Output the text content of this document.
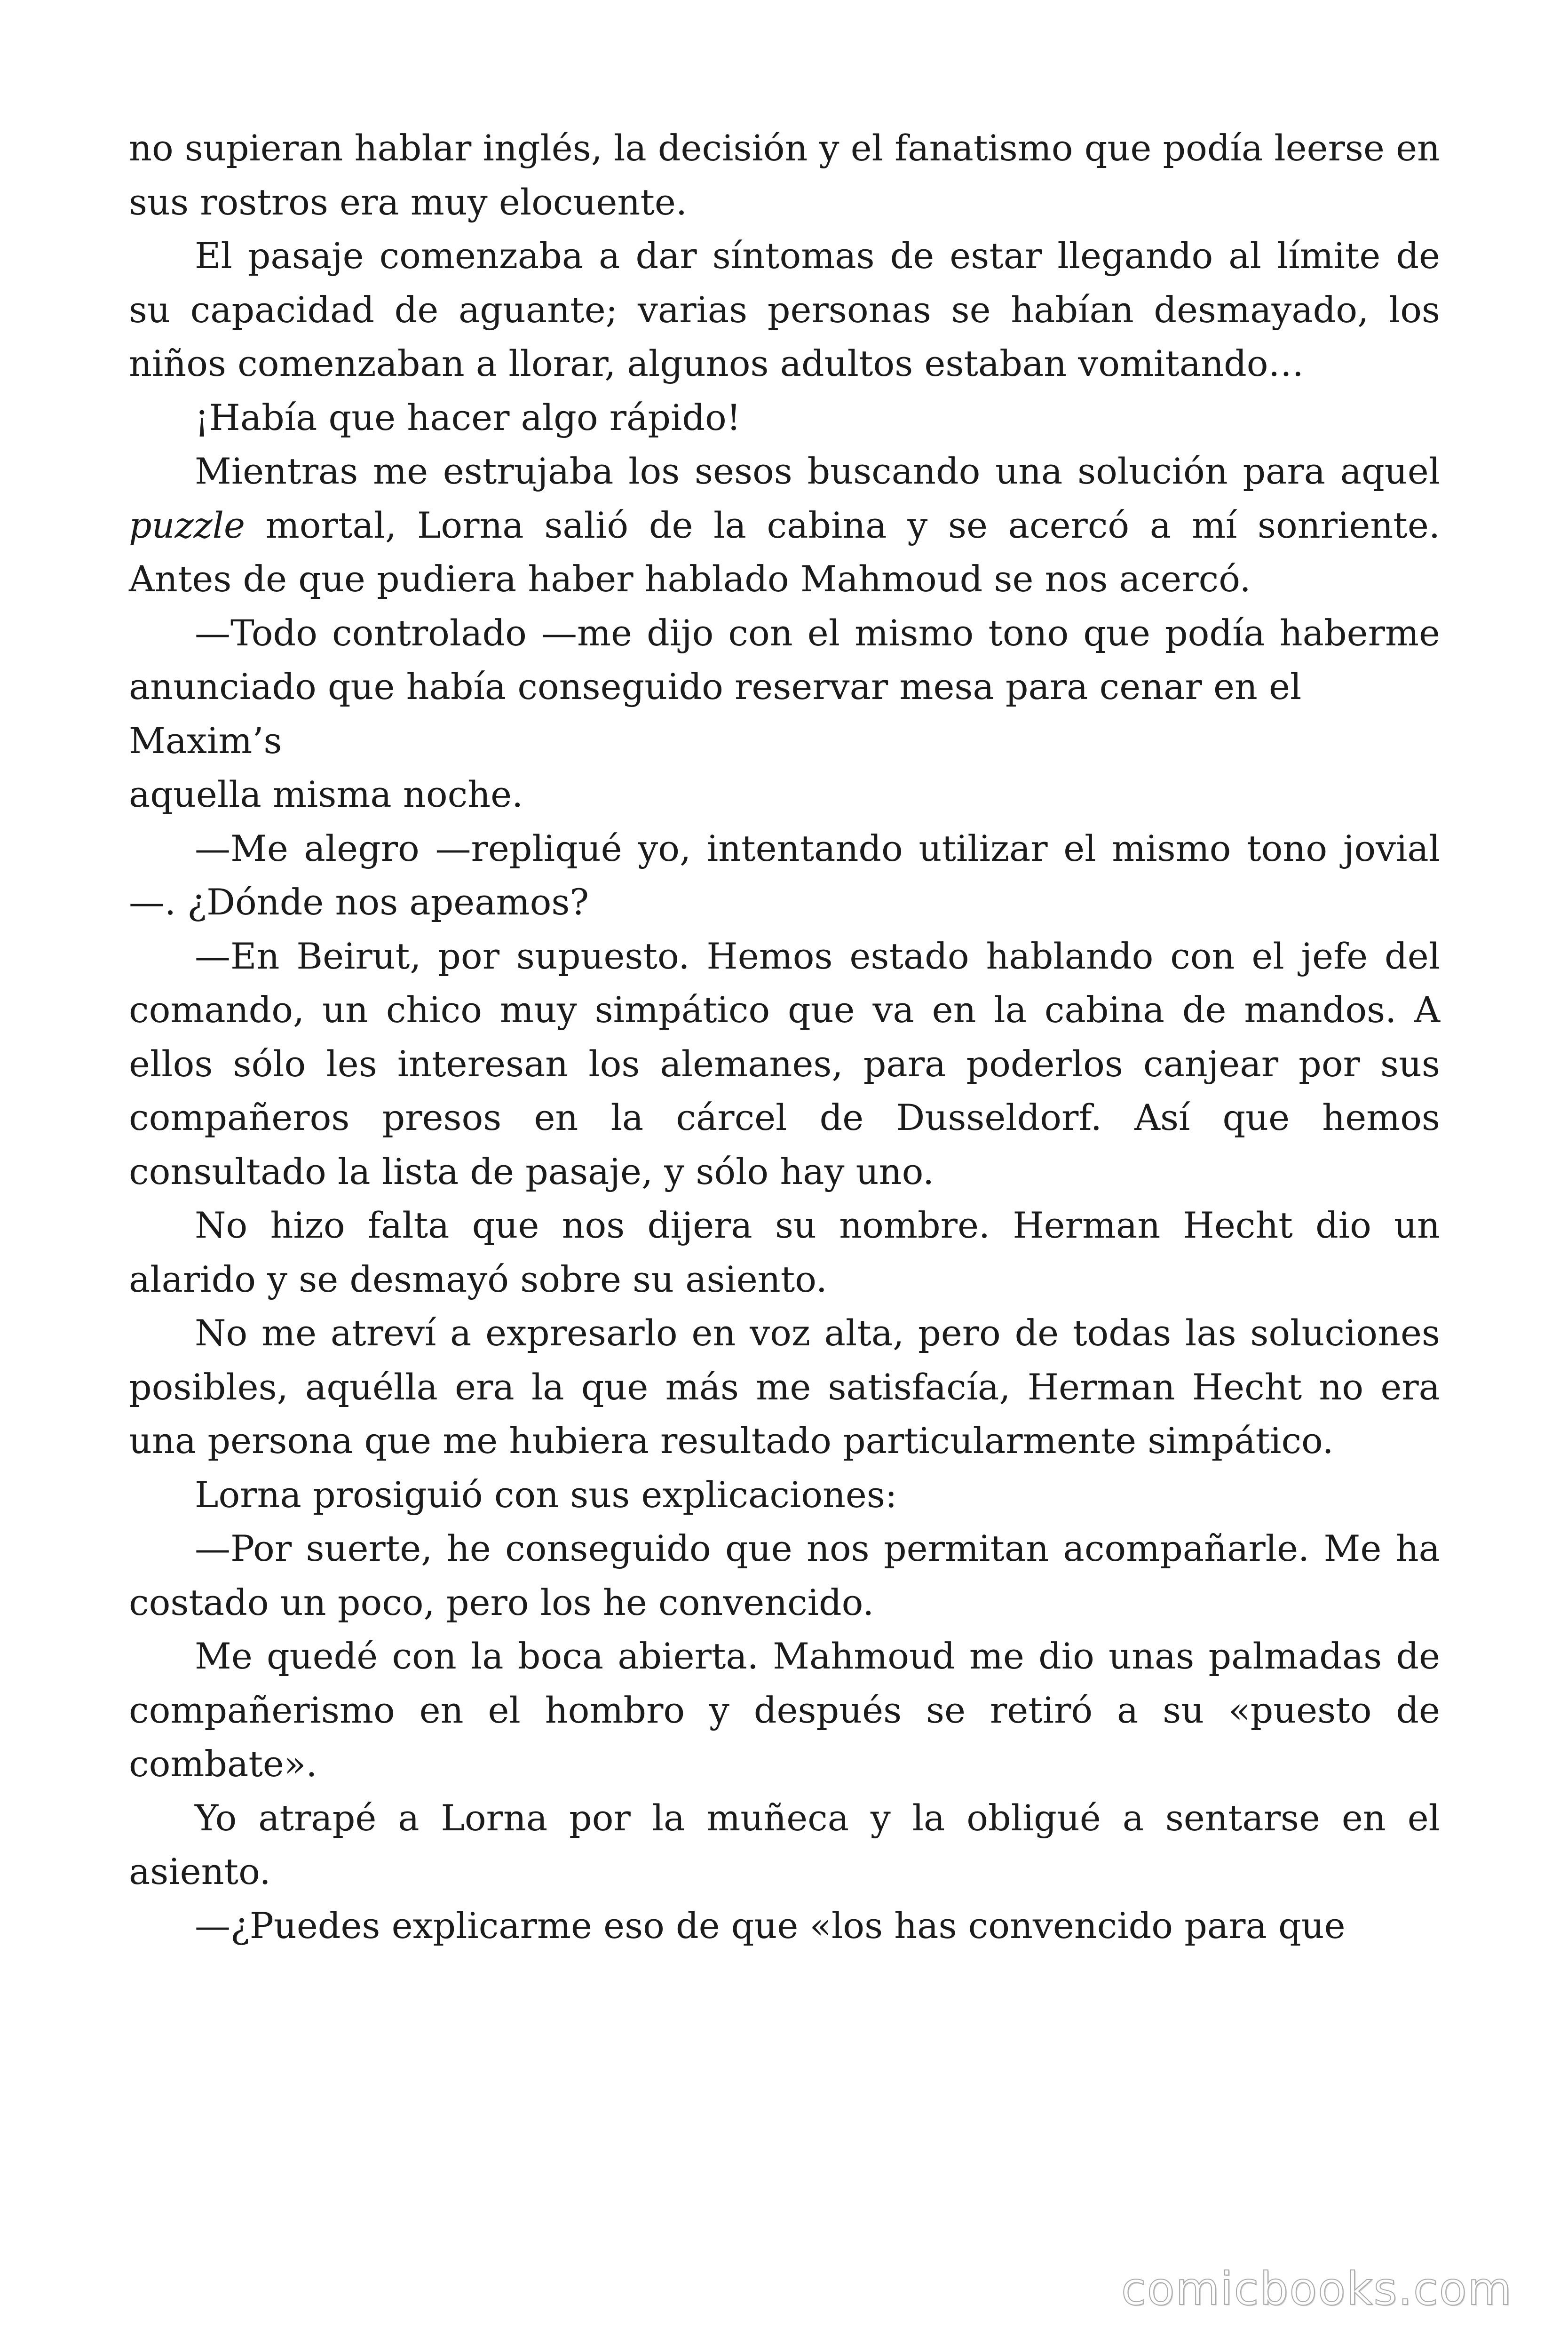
no supieran hablar inglés, la decisión y el fanatismo que podía leerse en sus rostros era muy elocuente.

El pasaje comenzaba a dar síntomas de estar llegando al límite de su capacidad de aguante; varias personas se habían desmayado, los niños comenzaban a llorar, algunos adultos estaban vomitando…

¡Había que hacer algo rápido!

Mientras me estrujaba los sesos buscando una solución para aquel puzzle mortal, Lorna salió de la cabina y se acercó a mí sonriente. Antes de que pudiera haber hablado Mahmoud se nos acercó.

—Todo controlado —me dijo con el mismo tono que podía haberme anunciado que había conseguido reservar mesa para cenar en el

Maxim’s

aquella misma noche.

—Me alegro —repliqué yo, intentando utilizar el mismo tono jovial—. ¿Dónde nos apeamos?

—En Beirut, por supuesto. Hemos estado hablando con el jefe del comando, un chico muy simpático que va en la cabina de mandos. A ellos sólo les interesan los alemanes, para poderlos canjear por sus compañeros presos en la cárcel de Dusseldorf. Así que hemos consultado la lista de pasaje, y sólo hay uno.

No hizo falta que nos dijera su nombre. Herman Hecht dio un alarido y se desmayó sobre su asiento.

No me atreví a expresarlo en voz alta, pero de todas las soluciones posibles, aquélla era la que más me satisfacía, Herman Hecht no era una persona que me hubiera resultado particularmente simpático.

Lorna prosiguió con sus explicaciones:

—Por suerte, he conseguido que nos permitan acompañarle. Me ha costado un poco, pero los he convencido.

Me quedé con la boca abierta. Mahmoud me dio unas palmadas de compañerismo en el hombro y después se retiró a su «puesto de combate».

Yo atrapé a Lorna por la muñeca y la obligué a sentarse en el asiento.

—¿Puedes explicarme eso de que «los has convencido para que

comicbooks.com
